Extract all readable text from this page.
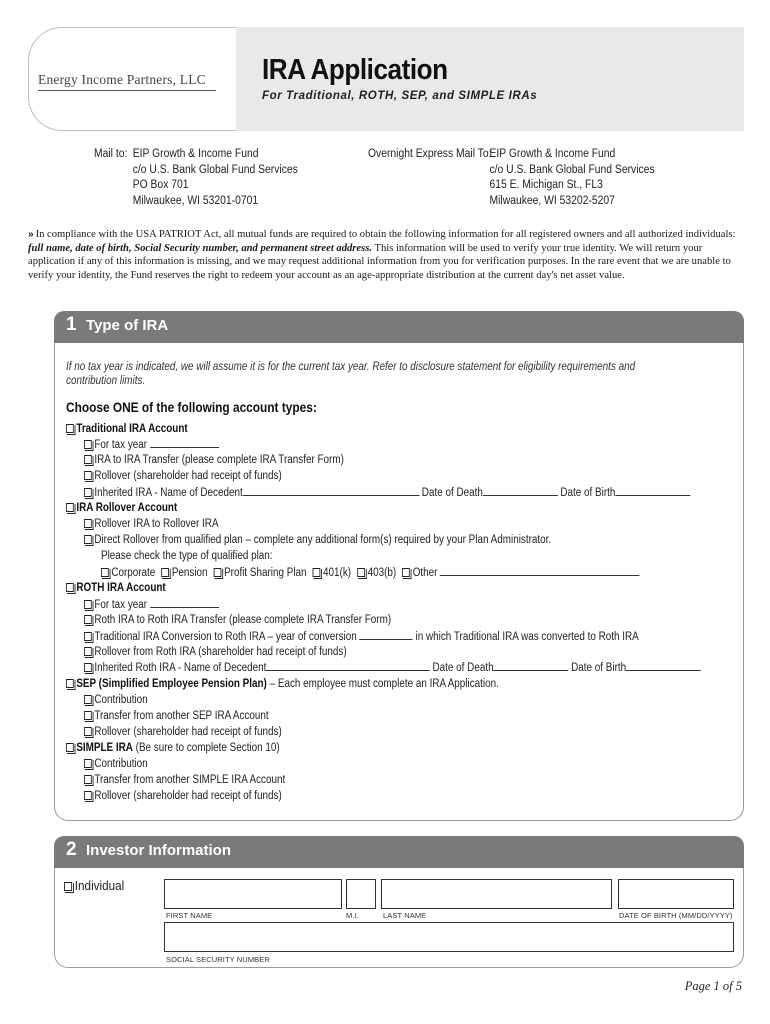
Energy Income Partners, LLC	IRA Application
For Traditional, ROTH, SEP, and SIMPLE IRAs
Mail to: EIP Growth & Income Fund
c/o U.S. Bank Global Fund Services
PO Box 701
Milwaukee, WI 53201-0701
Overnight Express Mail To:
EIP Growth & Income Fund
c/o U.S. Bank Global Fund Services
615 E. Michigan St., FL3
Milwaukee, WI 53202-5207
» In compliance with the USA PATRIOT Act, all mutual funds are required to obtain the following information for all registered owners and all authorized individuals: full name, date of birth, Social Security number, and permanent street address. This information will be used to verify your true identity. We will return your application if any of this information is missing, and we may request additional information from you for verification purposes. In the rare event that we are unable to verify your identity, the Fund reserves the right to redeem your account as an age-appropriate distribution at the current day's net asset value.
1 Type of IRA
If no tax year is indicated, we will assume it is for the current tax year. Refer to disclosure statement for eligibility requirements and contribution limits.
Choose ONE of the following account types:
Traditional IRA Account
For tax year
IRA to IRA Transfer (please complete IRA Transfer Form)
Rollover (shareholder had receipt of funds)
Inherited IRA - Name of Decedent	Date of Death	Date of Birth
IRA Rollover Account
Rollover IRA to Rollover IRA
Direct Rollover from qualified plan – complete any additional form(s) required by your Plan Administrator.
Please check the type of qualified plan:
Corporate Pension Profit Sharing Plan 401(k) 403(b) Other
ROTH IRA Account
For tax year
Roth IRA to Roth IRA Transfer (please complete IRA Transfer Form)
Traditional IRA Conversion to Roth IRA – year of conversion	in which Traditional IRA was converted to Roth IRA
Rollover from Roth IRA (shareholder had receipt of funds)
Inherited Roth IRA - Name of Decedent	Date of Death	Date of Birth
SEP (Simplified Employee Pension Plan) – Each employee must complete an IRA Application.
Contribution
Transfer from another SEP IRA Account
Rollover (shareholder had receipt of funds)
SIMPLE IRA (Be sure to complete Section 10)
Contribution
Transfer from another SIMPLE IRA Account
Rollover (shareholder had receipt of funds)
2 Investor Information
Individual
FIRST NAME	M.I.	LAST NAME	DATE OF BIRTH (MM/DD/YYYY)
SOCIAL SECURITY NUMBER
Page 1 of 5
